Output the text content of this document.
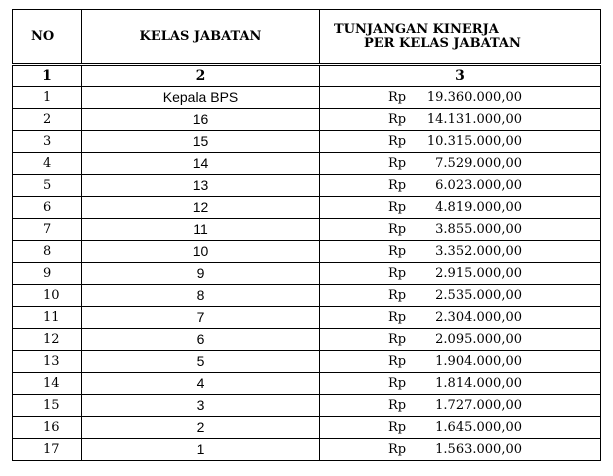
NO	KELAS JABATAN	TUNJANGAN KINERJA
PER KELAS JABATAN

1	2	3
1	Kepala BPS	Rp 19.360.000,00

2	16	Rp 14.131.000,00

3	15	Rp 10.315.000,00

4	14	Rp 7.529.000,00

5	13	Rp 6.023.000,00

6	12	Rp 4.819.000,00

7	11	Rp 3.855.000,00

8	10	Rp 3.352.000,00

9	9	Rp 2.915.000,00

10	8	Rp 2.535.000,00

11	7	Rp 2.304.000,00

12	6	Rp 2.095.000,00

13	5	Rp 1.904.000,00

14	4	Rp 1.814.000,00

15	3	Rp 1.727.000,00

16	2	Rp 1.645.000,00

17	1	Rp 1.563.000,00
